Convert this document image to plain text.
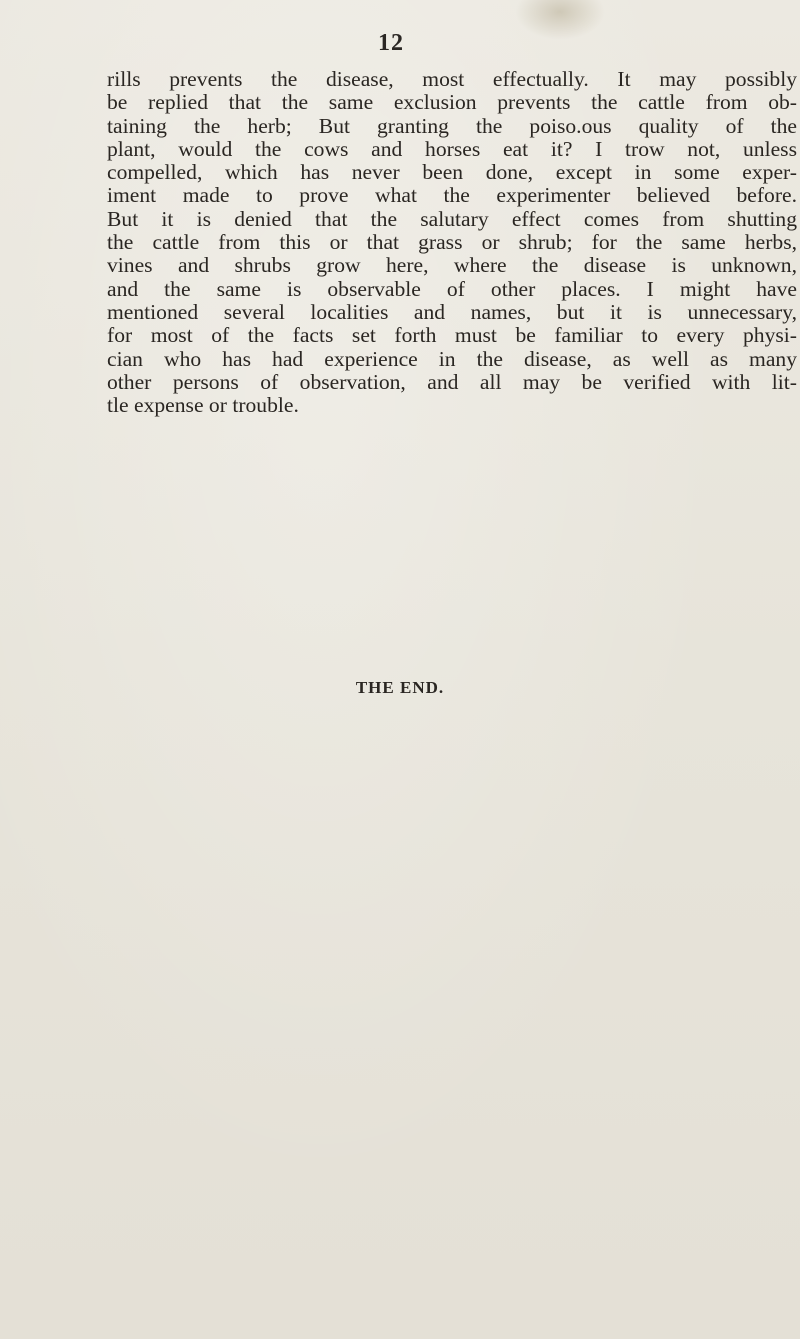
12
rills prevents the disease, most effectually. It may possibly
be replied that the same exclusion prevents the cattle from ob-
taining the herb; But granting the poiso.ous quality of the
plant, would the cows and horses eat it? I trow not, unless
compelled, which has never been done, except in some exper-
iment made to prove what the experimenter believed before.
But it is denied that the salutary effect comes from shutting
the cattle from this or that grass or shrub; for the same herbs,
vines and shrubs grow here, where the disease is unknown,
and the same is observable of other places. I might have
mentioned several localities and names, but it is unnecessary,
for most of the facts set forth must be familiar to every physi-
cian who has had experience in the disease, as well as many
other persons of observation, and all may be verified with lit-
tle expense or trouble.
THE END.
